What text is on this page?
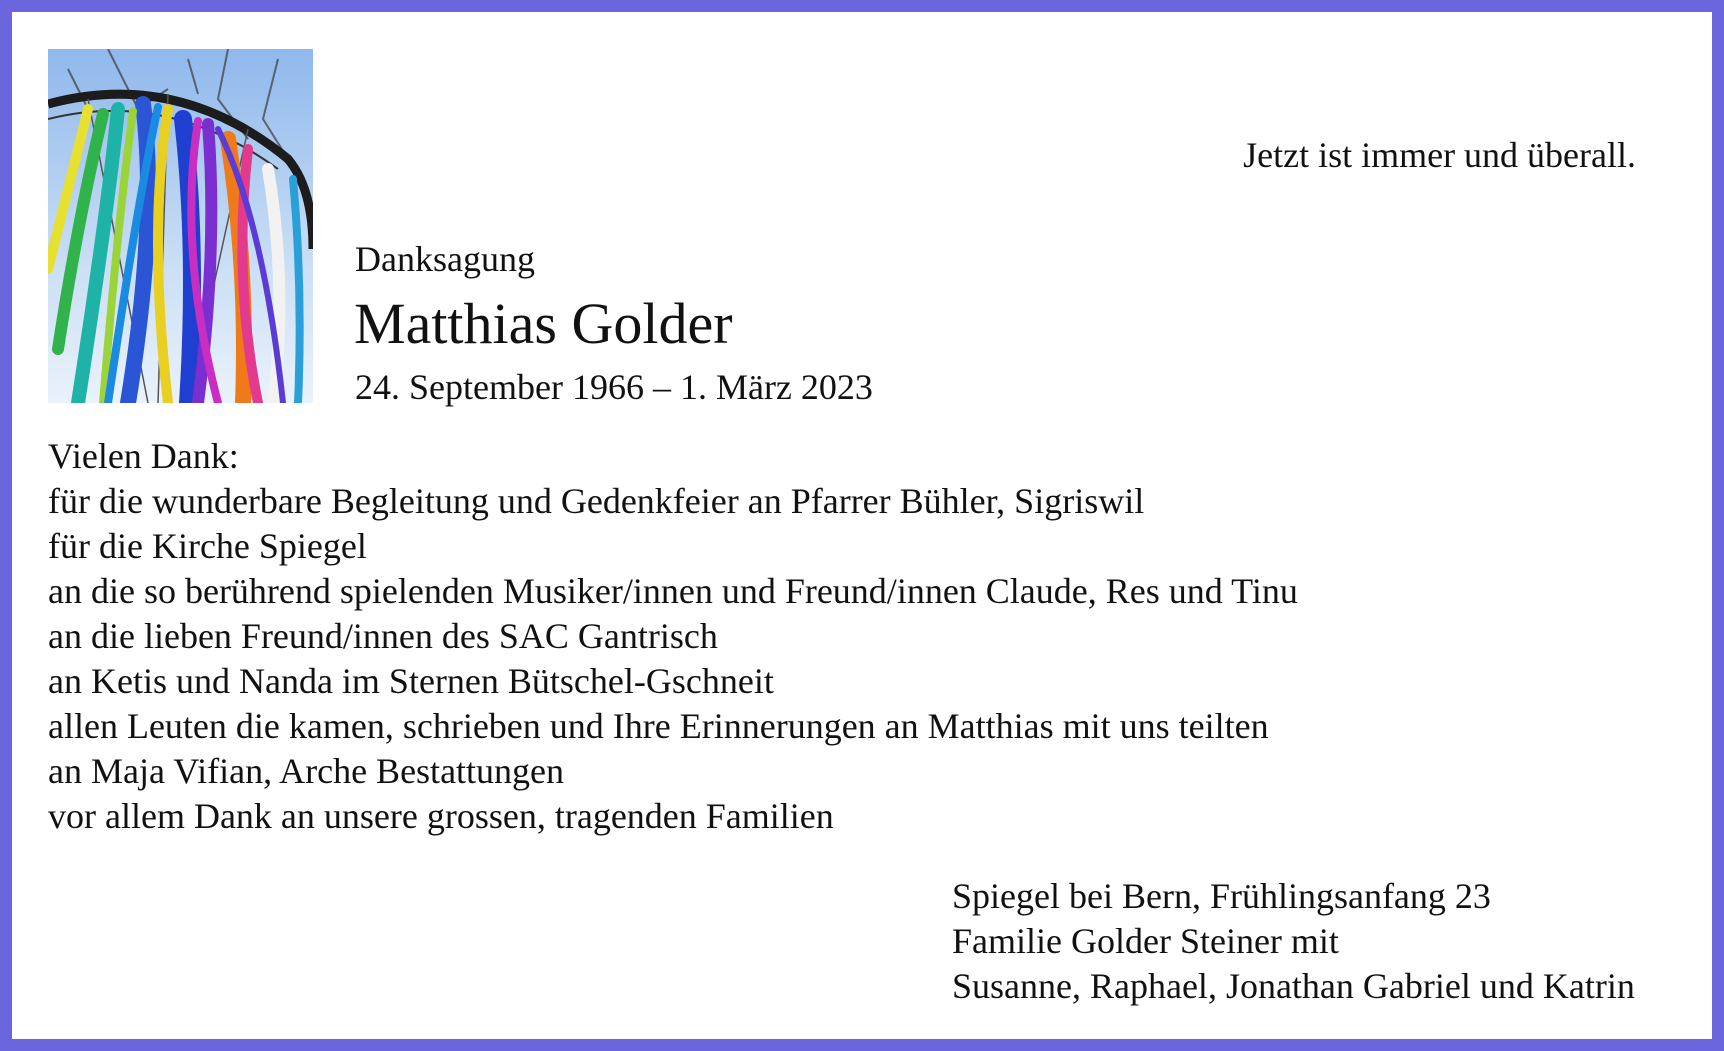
Jetzt ist immer und überall.
Danksagung
Matthias Golder
24. September 1966 – 1. März 2023
Vielen Dank:
für die wunderbare Begleitung und Gedenkfeier an Pfarrer Bühler, Sigriswil
für die Kirche Spiegel
an die so berührend spielenden Musiker/innen und Freund/innen Claude, Res und Tinu
an die lieben Freund/innen des SAC Gantrisch
an Ketis und Nanda im Sternen Bütschel-Gschneit
allen Leuten die kamen, schrieben und Ihre Erinnerungen an Matthias mit uns teilten
an Maja Vifian, Arche Bestattungen
vor allem Dank an unsere grossen, tragenden Familien
Spiegel bei Bern, Frühlingsanfang 23
Familie Golder Steiner mit
Susanne, Raphael, Jonathan Gabriel und Katrin
